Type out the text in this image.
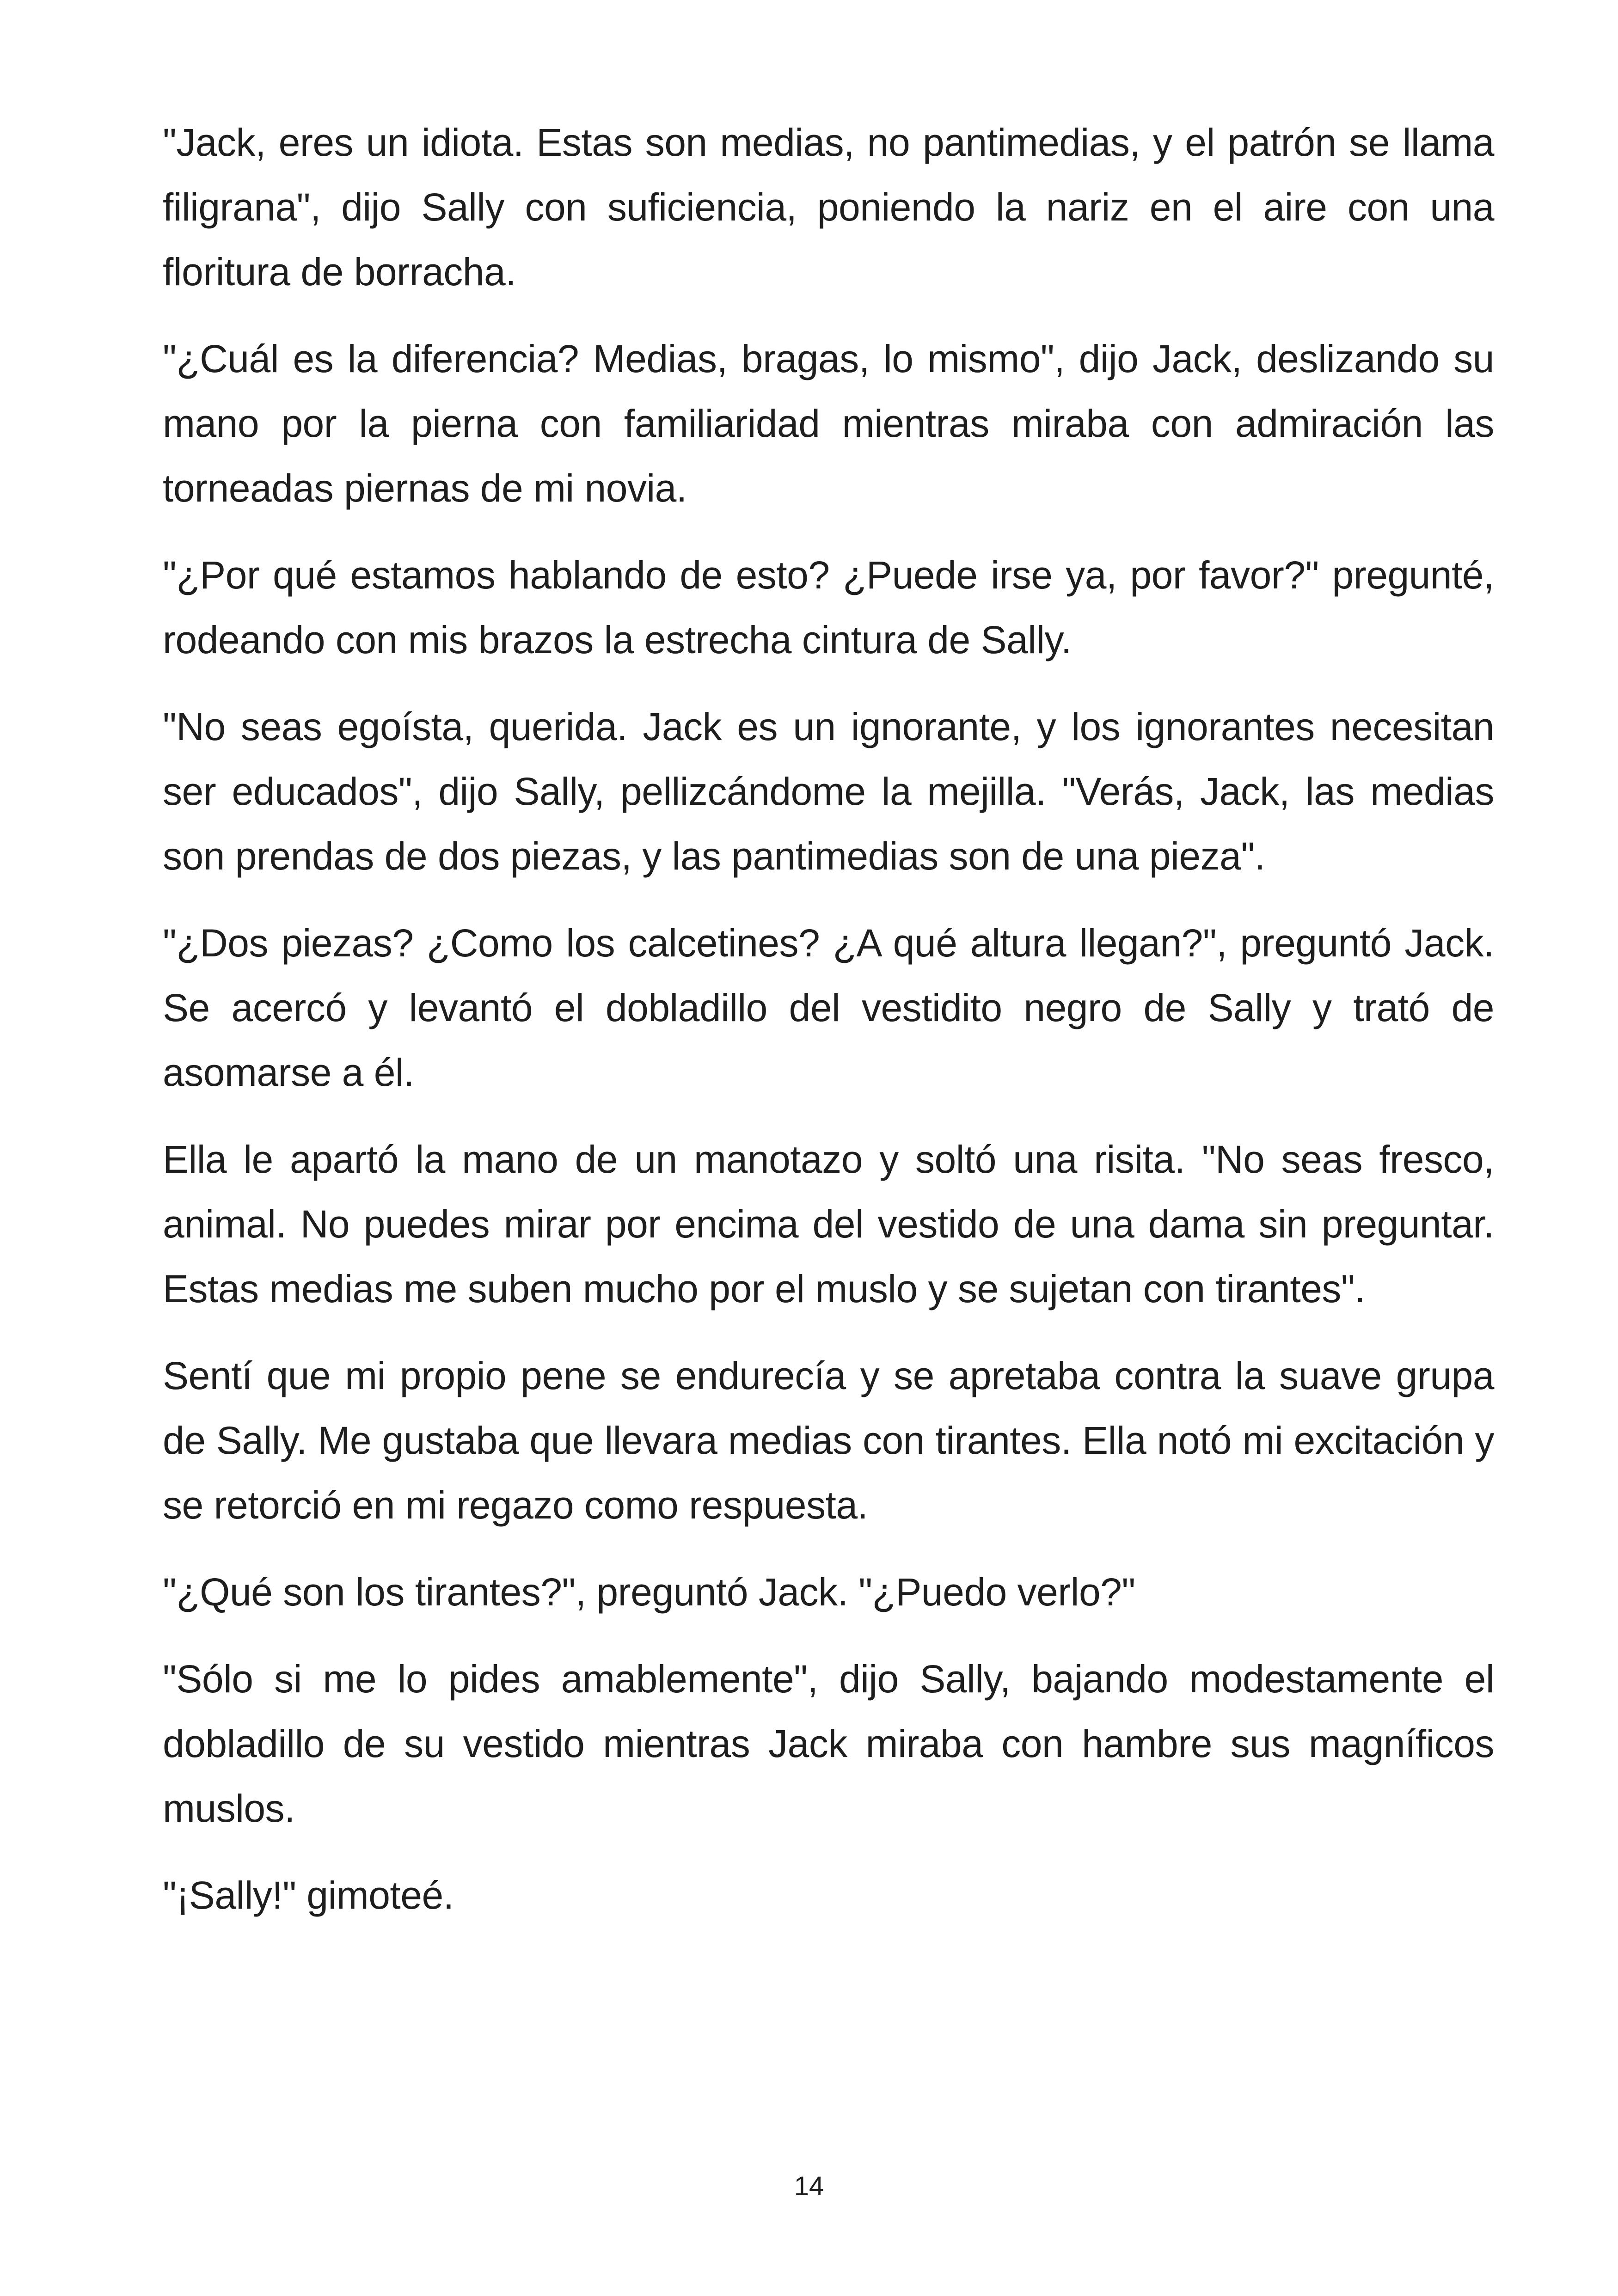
"Jack, eres un idiota. Estas son medias, no pantimedias, y el patrón se llama filigrana", dijo Sally con suficiencia, poniendo la nariz en el aire con una floritura de borracha.

"¿Cuál es la diferencia? Medias, bragas, lo mismo", dijo Jack, deslizando su mano por la pierna con familiaridad mientras miraba con admiración las torneadas piernas de mi novia.

"¿Por qué estamos hablando de esto? ¿Puede irse ya, por favor?" pregunté, rodeando con mis brazos la estrecha cintura de Sally.

"No seas egoísta, querida. Jack es un ignorante, y los ignorantes necesitan ser educados", dijo Sally, pellizcándome la mejilla. "Verás, Jack, las medias son prendas de dos piezas, y las pantimedias son de una pieza".

"¿Dos piezas? ¿Como los calcetines? ¿A qué altura llegan?", preguntó Jack. Se acercó y levantó el dobladillo del vestidito negro de Sally y trató de asomarse a él.

Ella le apartó la mano de un manotazo y soltó una risita. "No seas fresco, animal. No puedes mirar por encima del vestido de una dama sin preguntar. Estas medias me suben mucho por el muslo y se sujetan con tirantes".

Sentí que mi propio pene se endurecía y se apretaba contra la suave grupa de Sally. Me gustaba que llevara medias con tirantes. Ella notó mi excitación y se retorció en mi regazo como respuesta.

"¿Qué son los tirantes?", preguntó Jack. "¿Puedo verlo?"

"Sólo si me lo pides amablemente", dijo Sally, bajando modestamente el dobladillo de su vestido mientras Jack miraba con hambre sus magníficos muslos.

"¡Sally!" gimoteé.

14
